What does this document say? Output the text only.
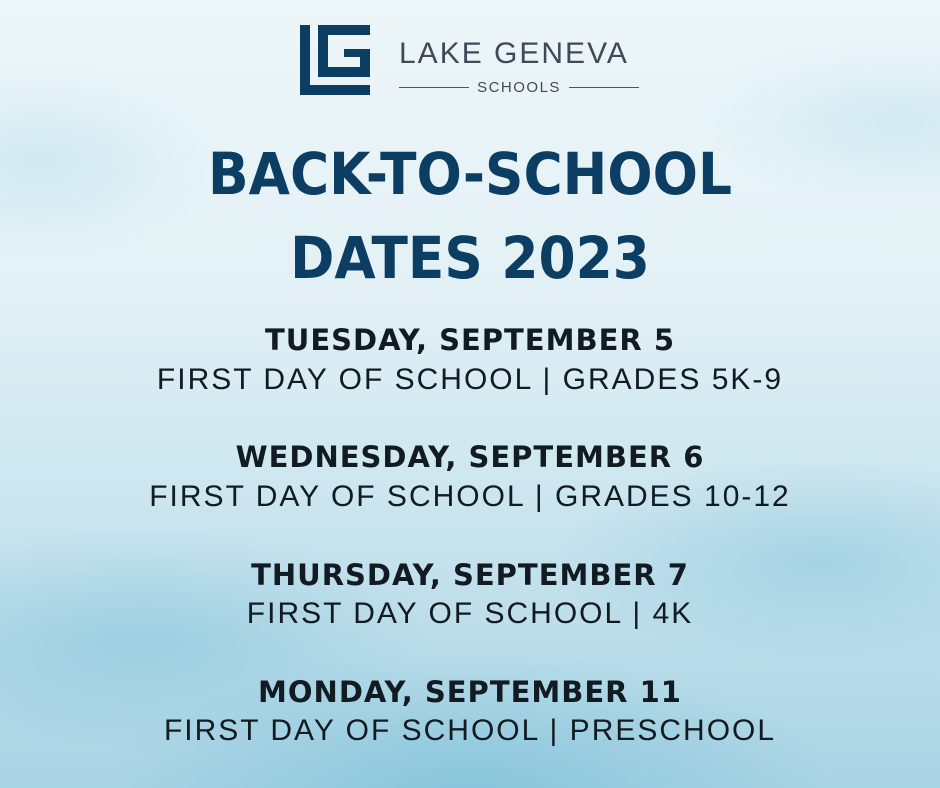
LAKE GENEVA
SCHOOLS
BACK-TO-SCHOOL
DATES 2023
TUESDAY, SEPTEMBER 5
FIRST DAY OF SCHOOL | GRADES 5K-9
WEDNESDAY, SEPTEMBER 6
FIRST DAY OF SCHOOL | GRADES 10-12
THURSDAY, SEPTEMBER 7
FIRST DAY OF SCHOOL | 4K
MONDAY, SEPTEMBER 11
FIRST DAY OF SCHOOL | PRESCHOOL
